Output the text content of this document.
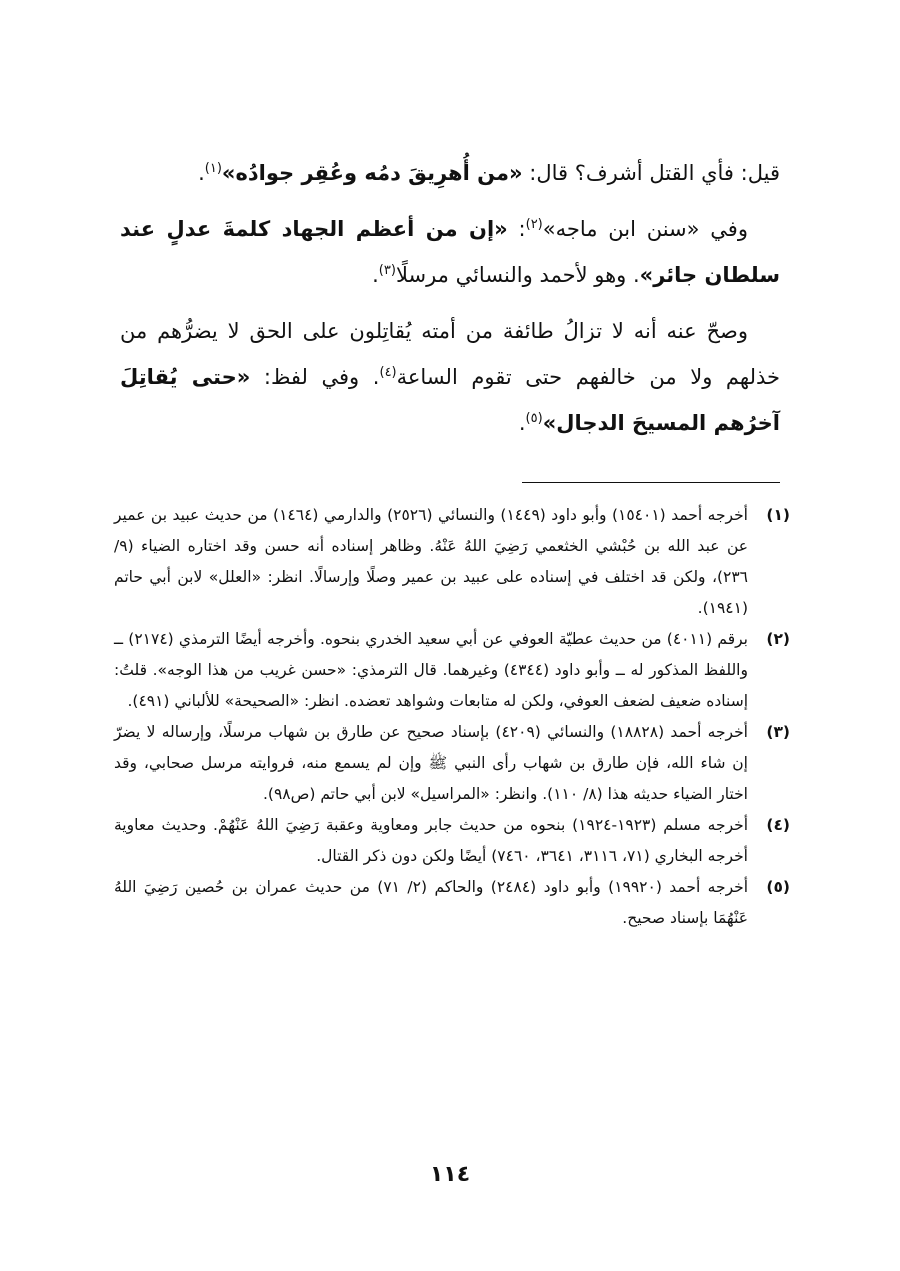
قيل: فأي القتل أشرف؟ قال: «من أُهرِيقَ دمُه وعُقِر جوادُه»$^{(١)}$.

وفي «سنن ابن ماجه»$^{(٢)}$: «إن من أعظم الجهاد كلمةَ عدلٍ عند سلطان جائر». وهو لأحمد والنسائي مرسلًا$^{(٣)}$.

وصحّ عنه أنه لا تزالُ طائفة من أمته يُقاتِلون على الحق لا يضرُّهم من خذلهم ولا من خالفهم حتى تقوم الساعة$^{(٤)}$. وفي لفظ: «حتى يُقاتِلَ آخرُهم المسيحَ الدجال»$^{(٥)}$.

(١)
أخرجه أحمد (١٥٤٠١) وأبو داود (١٤٤٩) والنسائي (٢٥٢٦) والدارمي (١٤٦٤) من حديث عبيد بن عمير عن عبد الله بن حُبْشي الخثعمي رَضِيَ اللهُ عَنْهُ. وظاهر إسناده أنه حسن وقد اختاره الضياء (٩/ ٢٣٦)، ولكن قد اختلف في إسناده على عبيد بن عمير وصلًا وإرسالًا. انظر: «العلل» لابن أبي حاتم (١٩٤١).
(٢)
برقم (٤٠١١) من حديث عطيّة العوفي عن أبي سعيد الخدري بنحوه. وأخرجه أيضًا الترمذي (٢١٧٤) ــ واللفظ المذكور له ــ وأبو داود (٤٣٤٤) وغيرهما. قال الترمذي: «حسن غريب من هذا الوجه». قلتُ: إسناده ضعيف لضعف العوفي، ولكن له متابعات وشواهد تعضده. انظر: «الصحيحة» للألباني (٤٩١).
(٣)
أخرجه أحمد (١٨٨٢٨) والنسائي (٤٢٠٩) بإسناد صحيح عن طارق بن شهاب مرسلًا، وإرساله لا يضرّ إن شاء الله، فإن طارق بن شهاب رأى النبي ﷺ وإن لم يسمع منه، فروايته مرسل صحابي، وقد اختار الضياء حديثه هذا (٨/ ١١٠). وانظر: «المراسيل» لابن أبي حاتم (ص٩٨).
(٤)
أخرجه مسلم (١٩٢٣-١٩٢٤) بنحوه من حديث جابر ومعاوية وعقبة رَضِيَ اللهُ عَنْهُمْ. وحديث معاوية أخرجه البخاري (٧١، ٣١١٦، ٣٦٤١، ٧٤٦٠) أيضًا ولكن دون ذكر القتال.
(٥)
أخرجه أحمد (١٩٩٢٠) وأبو داود (٢٤٨٤) والحاكم (٢/ ٧١) من حديث عمران بن حُصين رَضِيَ اللهُ عَنْهُمَا بإسناد صحيح.
١١٤
